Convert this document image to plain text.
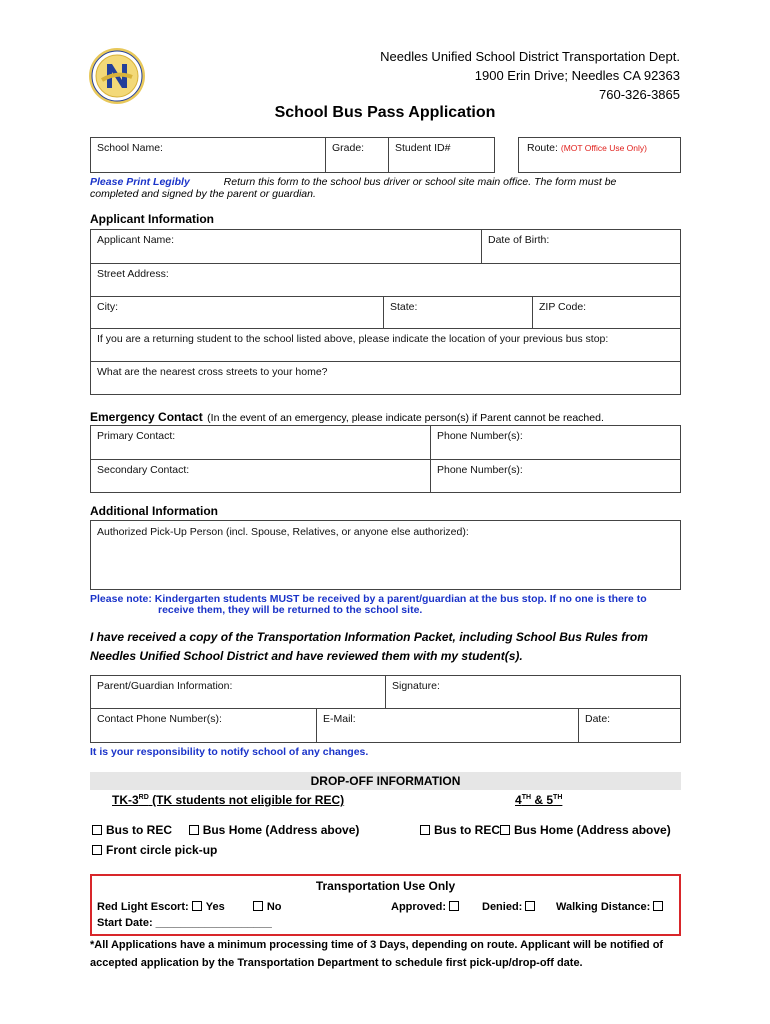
Needles Unified School District Transportation Dept.
1900 Erin Drive; Needles CA 92363
760-326-3865
School Bus Pass Application
School Name:	Grade:	Student ID#	Route: (MOT Office Use Only)
Please Print Legibly	Return this form to the school bus driver or school site main office. The form must be
completed and signed by the parent or guardian.
Applicant Information
Applicant Name:	Date of Birth:
Street Address:
City:	State:	ZIP Code:
If you are a returning student to the school listed above, please indicate the location of your previous bus stop:
What are the nearest cross streets to your home?
Emergency Contact (In the event of an emergency, please indicate person(s) if Parent cannot be reached.
Primary Contact:	Phone Number(s):
Secondary Contact:	Phone Number(s):
Additional Information
Authorized Pick-Up Person (incl. Spouse, Relatives, or anyone else authorized):
Please note: Kindergarten students MUST be received by a parent/guardian at the bus stop. If no one is there to
receive them, they will be returned to the school site.
I have received a copy of the Transportation Information Packet, including School Bus Rules from
Needles Unified School District and have reviewed them with my student(s).
Parent/Guardian Information:	Signature:
Contact Phone Number(s):	E-Mail:	Date:
It is your responsibility to notify school of any changes.
DROP-OFF INFORMATION
TK-3RD (TK students not eligible for REC)	4TH & 5TH
Bus to REC	Bus Home (Address above)	Bus to REC Bus Home (Address above)
Front circle pick-up
Transportation Use Only
Red Light Escort: Yes	No	Approved:	Denied:	Walking Distance:
Start Date: ___________________
*All Applications have a minimum processing time of 3 Days, depending on route. Applicant will be notified of
accepted application by the Transportation Department to schedule first pick-up/drop-off date.
